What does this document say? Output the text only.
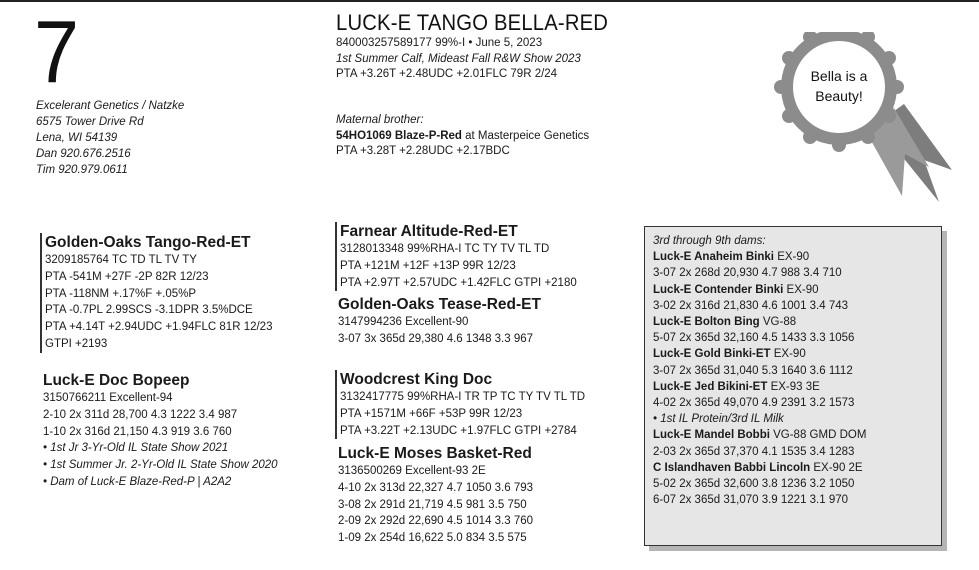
7
Excelerant Genetics / Natzke
6575 Tower Drive Rd
Lena, WI 54139
Dan 920.676.2516
Tim 920.979.0611
LUCK-E TANGO BELLA-RED
840003257589177 99%-I • June 5, 2023
1st Summer Calf, Mideast Fall R&W Show 2023
PTA +3.26T +2.48UDC +2.01FLC 79R 2/24
Maternal brother:
54HO1069 Blaze-P-Red at Masterpeice Genetics
PTA +3.28T +2.28UDC +2.17BDC
Bella is a
Beauty!
Golden-Oaks Tango-Red-ET
3209185764 TC TD TL TV TY
PTA -541M +27F -2P 82R 12/23
PTA -118NM +.17%F +.05%P
PTA -0.7PL 2.99SCS -3.1DPR 3.5%DCE
PTA +4.14T +2.94UDC +1.94FLC 81R 12/23
GTPI +2193
Luck-E Doc Bopeep
3150766211 Excellent-94
2-10 2x 311d 28,700 4.3 1222 3.4 987
1-10 2x 316d 21,150 4.3 919 3.6 760
• 1st Jr 3-Yr-Old IL State Show 2021
• 1st Summer Jr. 2-Yr-Old IL State Show 2020
• Dam of Luck-E Blaze-Red-P | A2A2
Farnear Altitude-Red-ET
3128013348 99%RHA-I TC TY TV TL TD
PTA +121M +12F +13P 99R 12/23
PTA +2.97T +2.57UDC +1.42FLC GTPI +2180
Golden-Oaks Tease-Red-ET
3147994236 Excellent-90
3-07 3x 365d 29,380 4.6 1348 3.3 967
Woodcrest King Doc
3132417775 99%RHA-I TR TP TC TY TV TL TD
PTA +1571M +66F +53P 99R 12/23
PTA +3.22T +2.13UDC +1.97FLC GTPI +2784
Luck-E Moses Basket-Red
3136500269 Excellent-93 2E
4-10 2x 313d 22,327 4.7 1050 3.6 793
3-08 2x 291d 21,719 4.5 981 3.5 750
2-09 2x 292d 22,690 4.5 1014 3.3 760
1-09 2x 254d 16,622 5.0 834 3.5 575
3rd through 9th dams:
Luck-E Anaheim Binki EX-90
3-07 2x 268d 20,930 4.7 988 3.4 710
Luck-E Contender Binki EX-90
3-02 2x 316d 21,830 4.6 1001 3.4 743
Luck-E Bolton Bing VG-88
5-07 2x 365d 32,160 4.5 1433 3.3 1056
Luck-E Gold Binki-ET EX-90
3-07 2x 365d 31,040 5.3 1640 3.6 1112
Luck-E Jed Bikini-ET EX-93 3E
4-02 2x 365d 49,070 4.9 2391 3.2 1573
• 1st IL Protein/3rd IL Milk
Luck-E Mandel Bobbi VG-88 GMD DOM
2-03 2x 365d 37,370 4.1 1535 3.4 1283
C Islandhaven Babbi Lincoln EX-90 2E
5-02 2x 365d 32,600 3.8 1236 3.2 1050
6-07 2x 365d 31,070 3.9 1221 3.1 970
